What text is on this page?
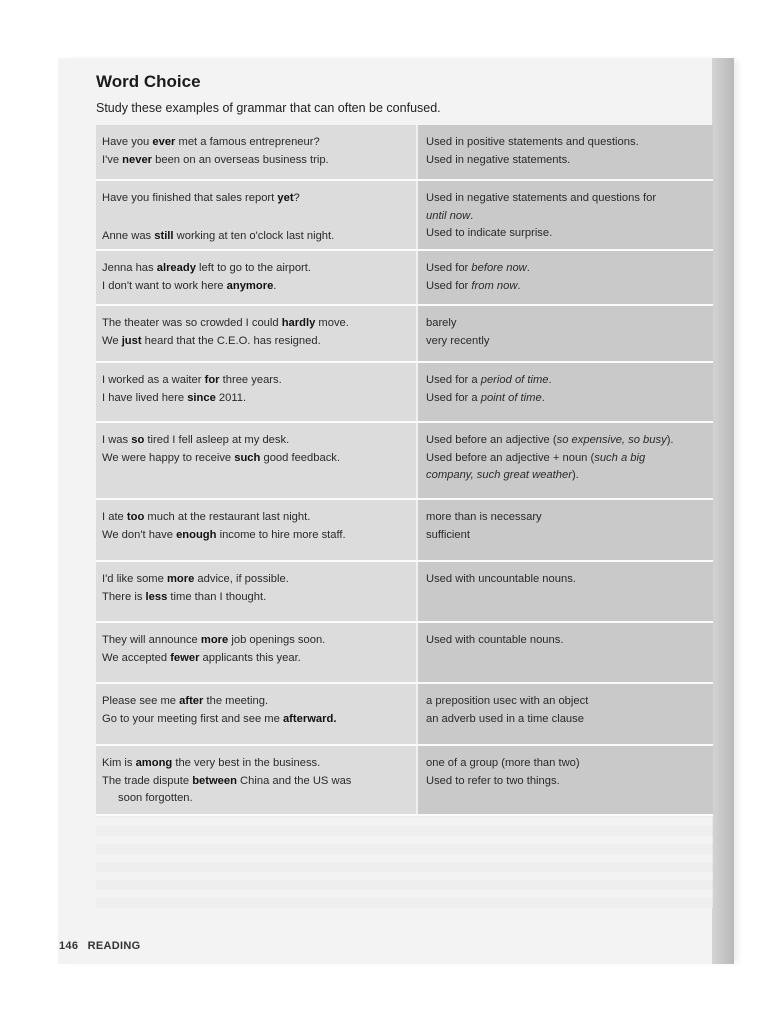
Word Choice
Study these examples of grammar that can often be confused.
Have you ever met a famous entrepreneur?
I've never been on an overseas business trip.
Used in positive statements and questions.
Used in negative statements.
Have you finished that sales report yet?
Anne was still working at ten o'clock last night.
Used in negative statements and questions for
until now.
Used to indicate surprise.
Jenna has already left to go to the airport.
I don't want to work here anymore.
Used for before now.
Used for from now.
The theater was so crowded I could hardly move.
We just heard that the C.E.O. has resigned.
barely
very recently
I worked as a waiter for three years.
I have lived here since 2011.
Used for a period of time.
Used for a point of time.
I was so tired I fell asleep at my desk.
We were happy to receive such good feedback.
Used before an adjective (so expensive, so busy).
Used before an adjective + noun (such a big
company, such great weather).
I ate too much at the restaurant last night.
We don't have enough income to hire more staff.
more than is necessary
sufficient
I'd like some more advice, if possible.
There is less time than I thought.
Used with uncountable nouns.
They will announce more job openings soon.
We accepted fewer applicants this year.
Used with countable nouns.
Please see me after the meeting.
Go to your meeting first and see me afterward.
a preposition usec with an object
an adverb used in a time clause
Kim is among the very best in the business.
The trade dispute between China and the US was
soon forgotten.
one of a group (more than two)
Used to refer to two things.
146 READING
